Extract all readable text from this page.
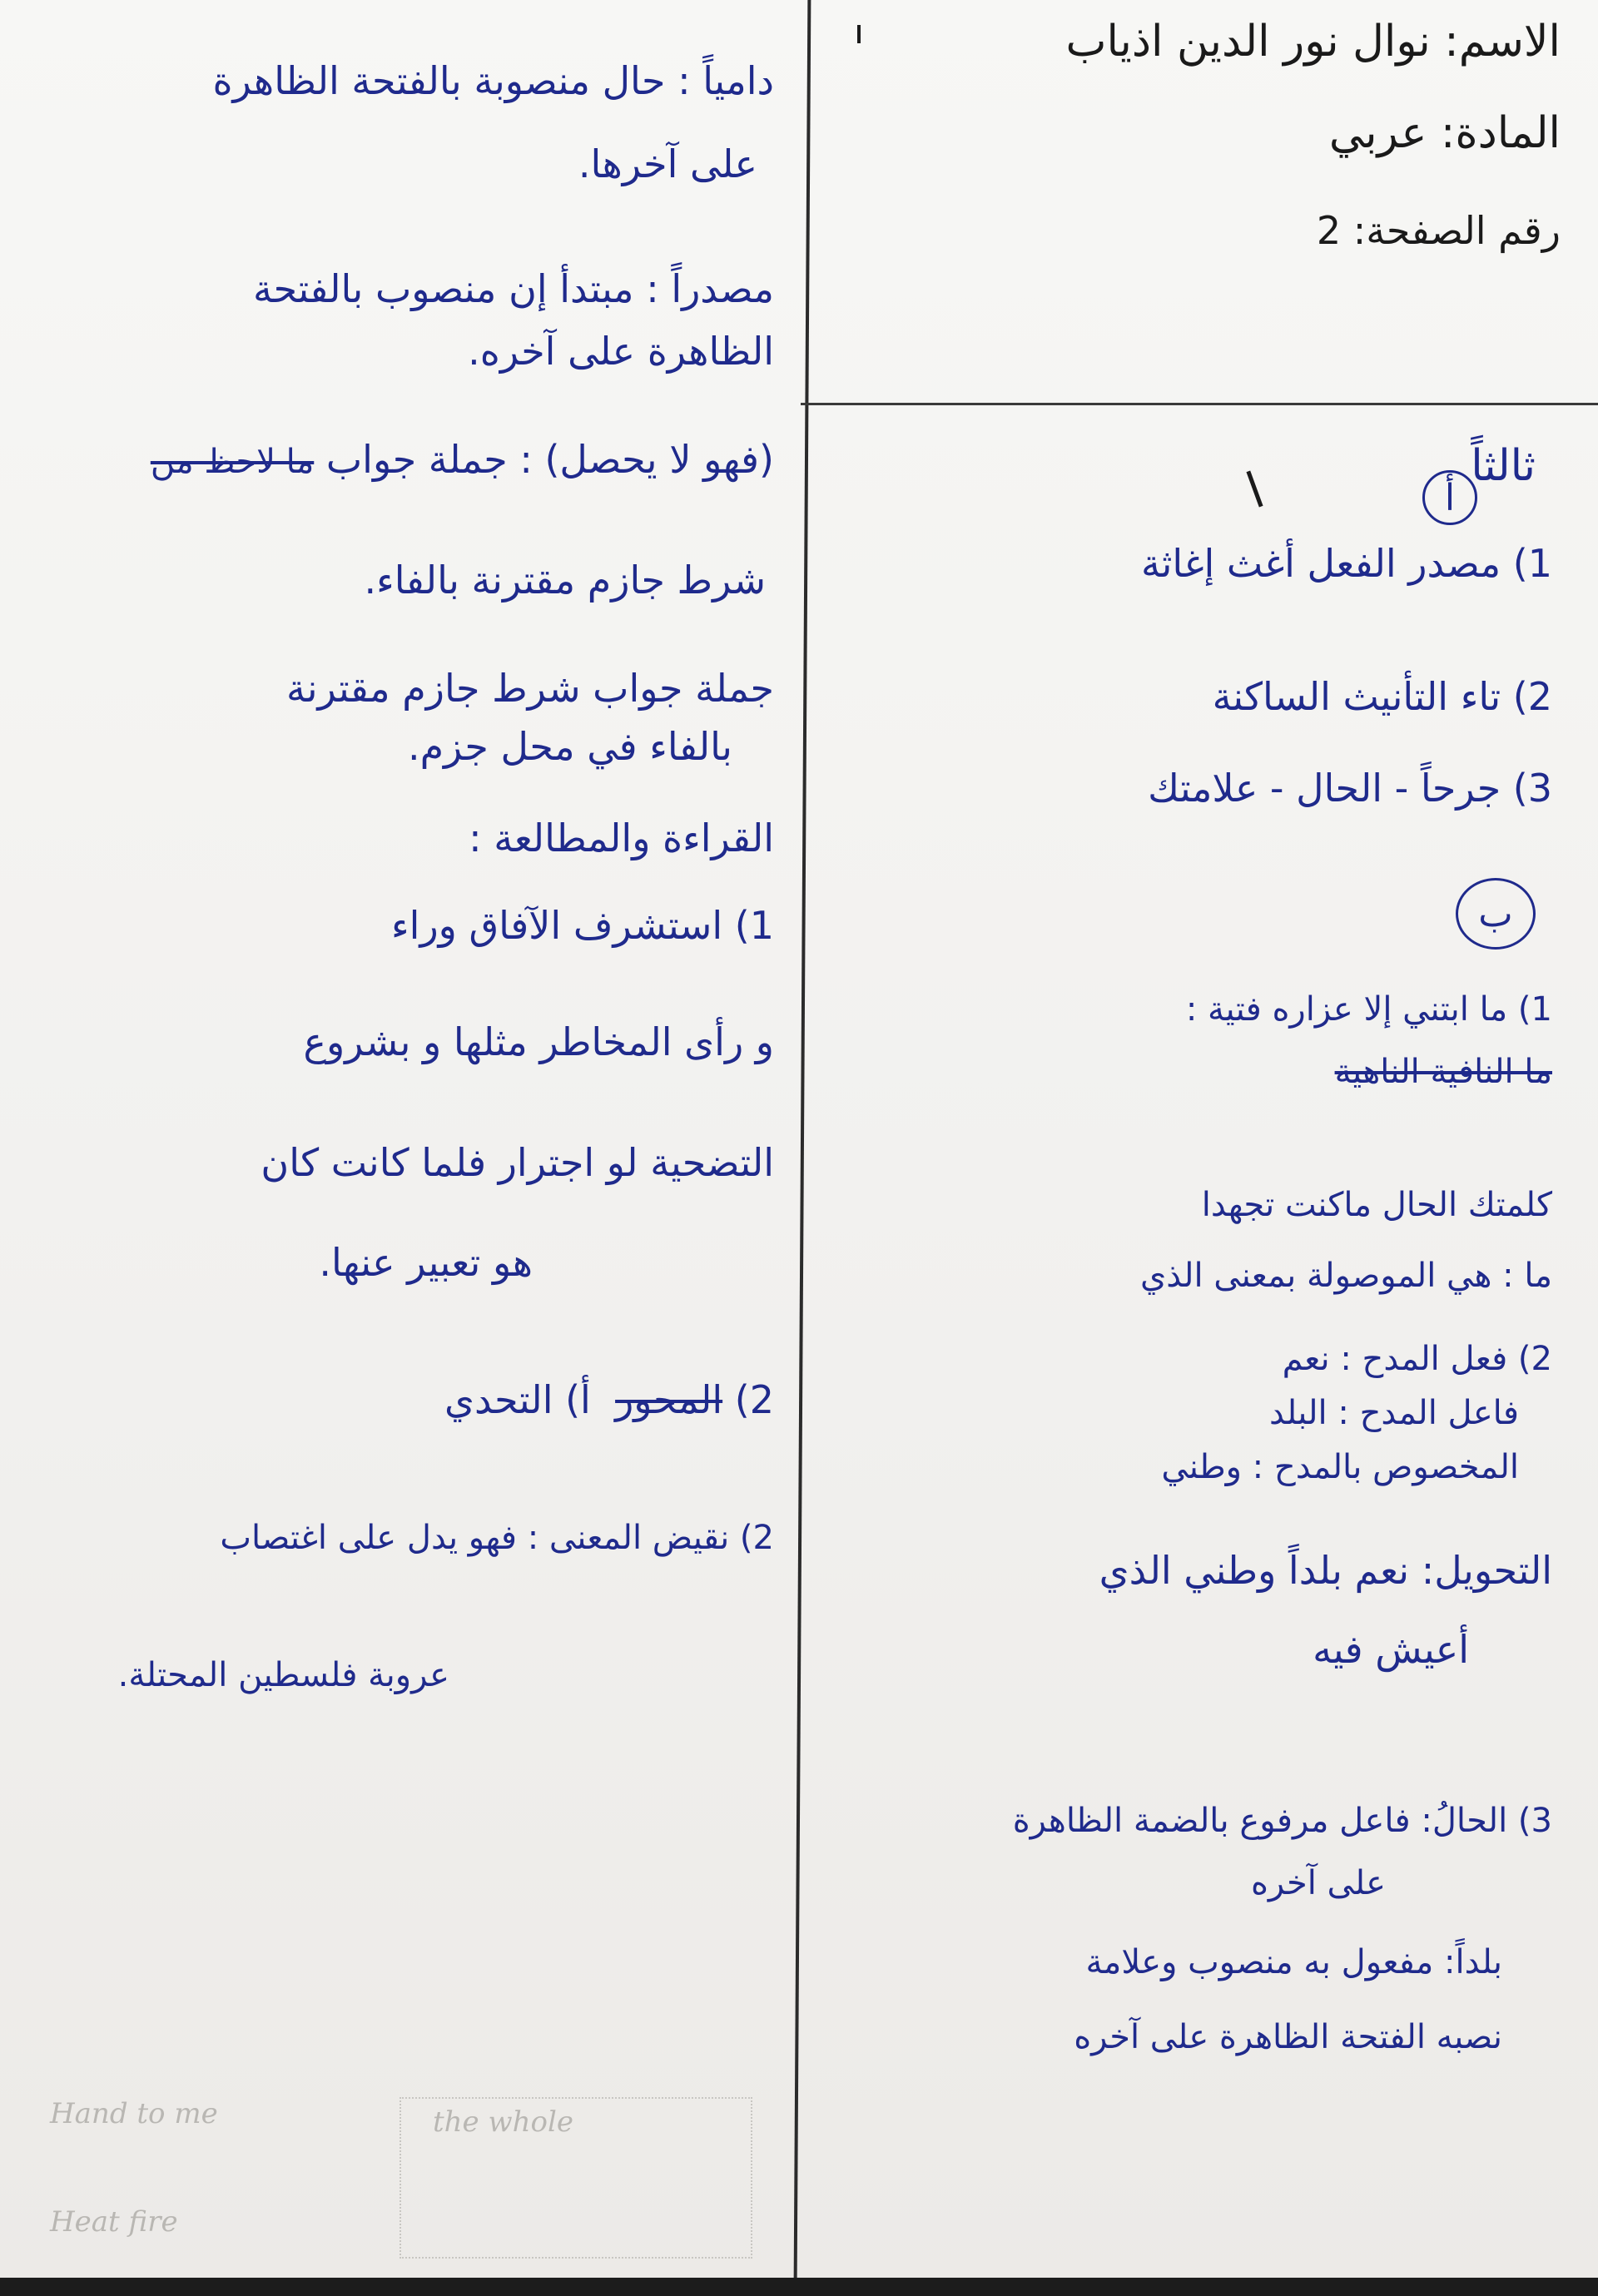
الاسم: نوال نور الدين اذياب
المادة: عربي
رقم الصفحة: 2
ثالثاً
أ
1) مصدر الفعل أغث إغاثة
2) تاء التأنيث الساكنة
3) جرحاً - الحال - علامتك
ب
1) ما ابتني إلا عزاره فتية :
ما النافية الناهية
كلمتك الحال ماكنت تجهدا
ما : هي الموصولة بمعنى الذي
2) فعل المدح : نعم
فاعل المدح : البلد
المخصوص بالمدح : وطني
التحويل: نعم بلداً وطني الذي
أعيش فيه
3) الحالُ: فاعل مرفوع بالضمة الظاهرة
على آخره
بلداً: مفعول به منصوب وعلامة
نصبه الفتحة الظاهرة على آخره
دامياً : حال منصوبة بالفتحة الظاهرة
على آخرها.
مصدراً : مبتدأ إن منصوب بالفتحة
الظاهرة على آخره.
(فهو لا يحصل) : جملة جواب ما لاحظ من
شرط جازم مقترنة بالفاء.
جملة جواب شرط جازم مقترنة
بالفاء في محل جزم.
القراءة والمطالعة :
1) استشرف الآفاق وراء
و رأى المخاطر مثلها و بشروع
التضحية لو اجترار فلما كانت كان
هو تعبير عنها.
2) المحور  أ) التحدي
2) نقيض المعنى : فهو يدل على اغتصاب
عروبة فلسطين المحتلة.
Hand to me	the whole
Heat fire
